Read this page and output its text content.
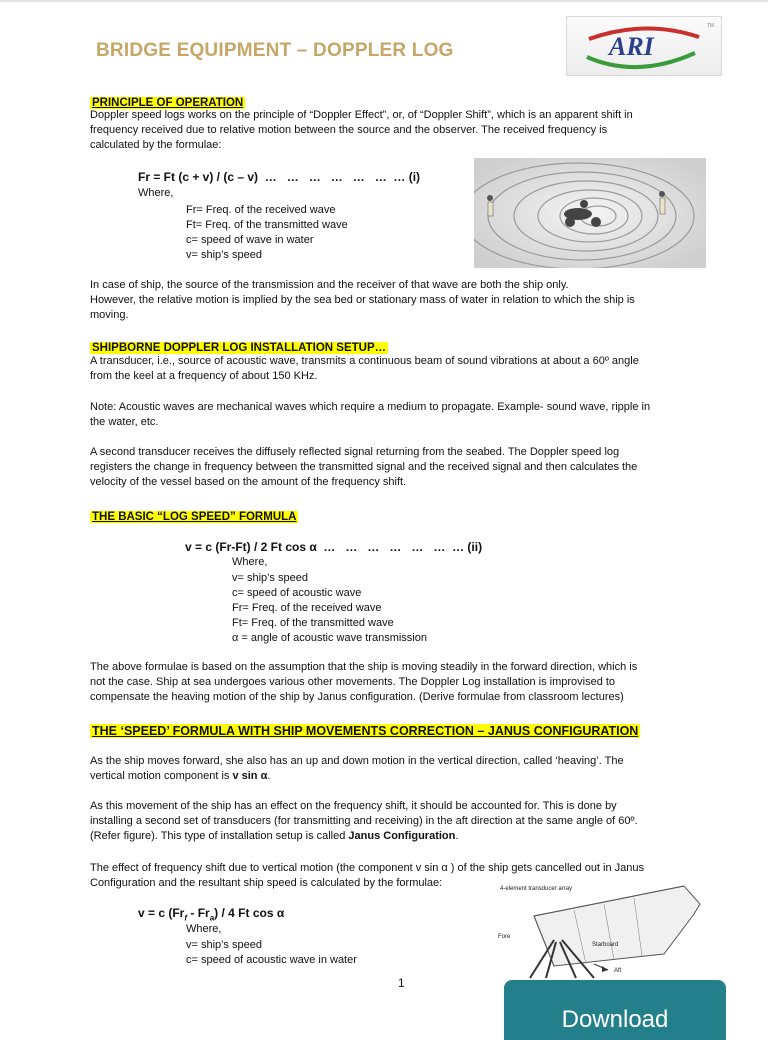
BRIDGE EQUIPMENT – DOPPLER LOG	ARI
TM
PRINCIPLE OF OPERATION
Doppler speed logs works on the principle of “Doppler Effect”, or, of “Doppler Shift”, which is an apparent shift in
frequency received due to relative motion between the source and the observer. The received frequency is
calculated by the formulae:
Fr = Ft (c + v) / (c – v)  …   …   …   …   …   …  … (i)
Where,
Fr= Freq. of the received wave
Ft= Freq. of the transmitted wave
c= speed of wave in water
v= ship’s speed
In case of ship, the source of the transmission and the receiver of that wave are both the ship only.
However, the relative motion is implied by the sea bed or stationary mass of water in relation to which the ship is
moving.
SHIPBORNE DOPPLER LOG INSTALLATION SETUP…
A transducer, i.e., source of acoustic wave, transmits a continuous beam of sound vibrations at about a 60º angle
from the keel at a frequency of about 150 KHz.
Note: Acoustic waves are mechanical waves which require a medium to propagate. Example- sound wave, ripple in
the water, etc.
A second transducer receives the diffusely reflected signal returning from the seabed. The Doppler speed log
registers the change in frequency between the transmitted signal and the received signal and then calculates the
velocity of the vessel based on the amount of the frequency shift.
THE BASIC “LOG SPEED” FORMULA
v = c (Fr-Ft) / 2 Ft cos α  …   …   …   …   …   …  … (ii)
Where,
v= ship’s speed
c= speed of acoustic wave
Fr= Freq. of the received wave
Ft= Freq. of the transmitted wave
α = angle of acoustic wave transmission
The above formulae is based on the assumption that the ship is moving steadily in the forward direction, which is
not the case. Ship at sea undergoes various other movements. The Doppler Log installation is improvised to
compensate the heaving motion of the ship by Janus configuration. (Derive formulae from classroom lectures)
THE ‘SPEED’ FORMULA WITH SHIP MOVEMENTS CORRECTION – JANUS CONFIGURATION
As the ship moves forward, she also has an up and down motion in the vertical direction, called ‘heaving’. The
vertical motion component is v sin α.
As this movement of the ship has an effect on the frequency shift, it should be accounted for. This is done by
installing a second set of transducers (for transmitting and receiving) in the aft direction at the same angle of 60º.
(Refer figure). This type of installation setup is called Janus Configuration.
The effect of frequency shift due to vertical motion (the component v sin α ) of the ship gets cancelled out in Janus
Configuration and the resultant ship speed is calculated by the formulae:
v = c $(Fr_f - Fr_a) / 4$ Ft cos α
Where,
v= ship’s speed
c= speed of acoustic wave in water
4-element transducer array
Fore
Starboard
Aft
1
Download
